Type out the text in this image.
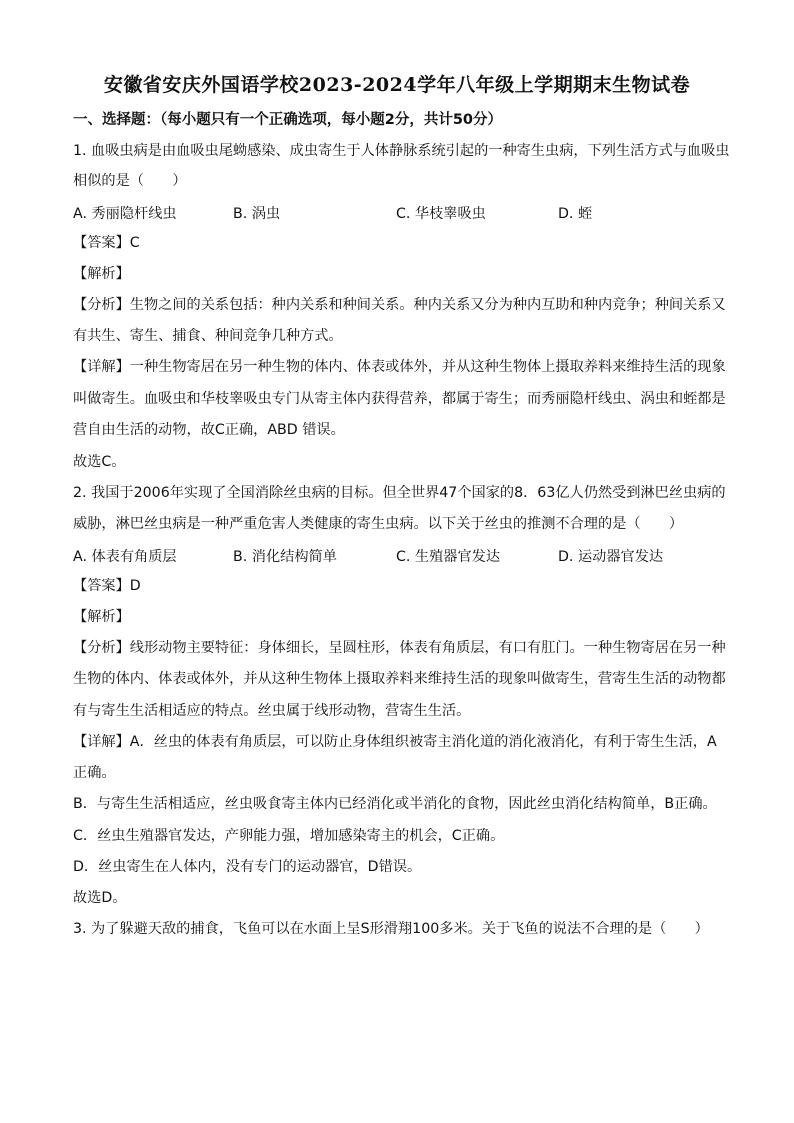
安徽省安庆外国语学校2023-2024学年八年级上学期期末生物试卷
一、选择题：（每小题只有一个正确选项，每小题2分，共计50分）
1. 血吸虫病是由血吸虫尾蚴感染、成虫寄生于人体静脉系统引起的一种寄生虫病，下列生活方式与血吸虫
相似的是（　　）
A. 秀丽隐杆线虫	B. 涡虫	C. 华枝睾吸虫	D. 蛭
【答案】C
【解析】
【分析】生物之间的关系包括：种内关系和种间关系。种内关系又分为种内互助和种内竞争；种间关系又
有共生、寄生、捕食、种间竞争几种方式。
【详解】一种生物寄居在另一种生物的体内、体表或体外，并从这种生物体上摄取养料来维持生活的现象
叫做寄生。血吸虫和华枝睾吸虫专门从寄主体内获得营养，都属于寄生；而秀丽隐杆线虫、涡虫和蛭都是
营自由生活的动物，故C正确，ABD 错误。
故选C。
2. 我国于2006年实现了全国消除丝虫病的目标。但全世界47个国家的8．63亿人仍然受到淋巴丝虫病的
威胁，淋巴丝虫病是一种严重危害人类健康的寄生虫病。以下关于丝虫的推测不合理的是（　　）
A. 体表有角质层	B. 消化结构简单	C. 生殖器官发达	D. 运动器官发达
【答案】D
【解析】
【分析】线形动物主要特征：身体细长，呈圆柱形，体表有角质层，有口有肛门。一种生物寄居在另一种
生物的体内、体表或体外，并从这种生物体上摄取养料来维持生活的现象叫做寄生，营寄生生活的动物都
有与寄生生活相适应的特点。丝虫属于线形动物，营寄生生活。
【详解】A．丝虫的体表有角质层，可以防止身体组织被寄主消化道的消化液消化，有利于寄生生活，A
正确。
B．与寄生生活相适应，丝虫吸食寄主体内已经消化或半消化的食物，因此丝虫消化结构简单，B正确。
C．丝虫生殖器官发达，产卵能力强，增加感染寄主的机会，C正确。
D．丝虫寄生在人体内，没有专门的运动器官，D错误。
故选D。
3. 为了躲避天敌的捕食，飞鱼可以在水面上呈S形滑翔100多米。关于飞鱼的说法不合理的是（　　）
